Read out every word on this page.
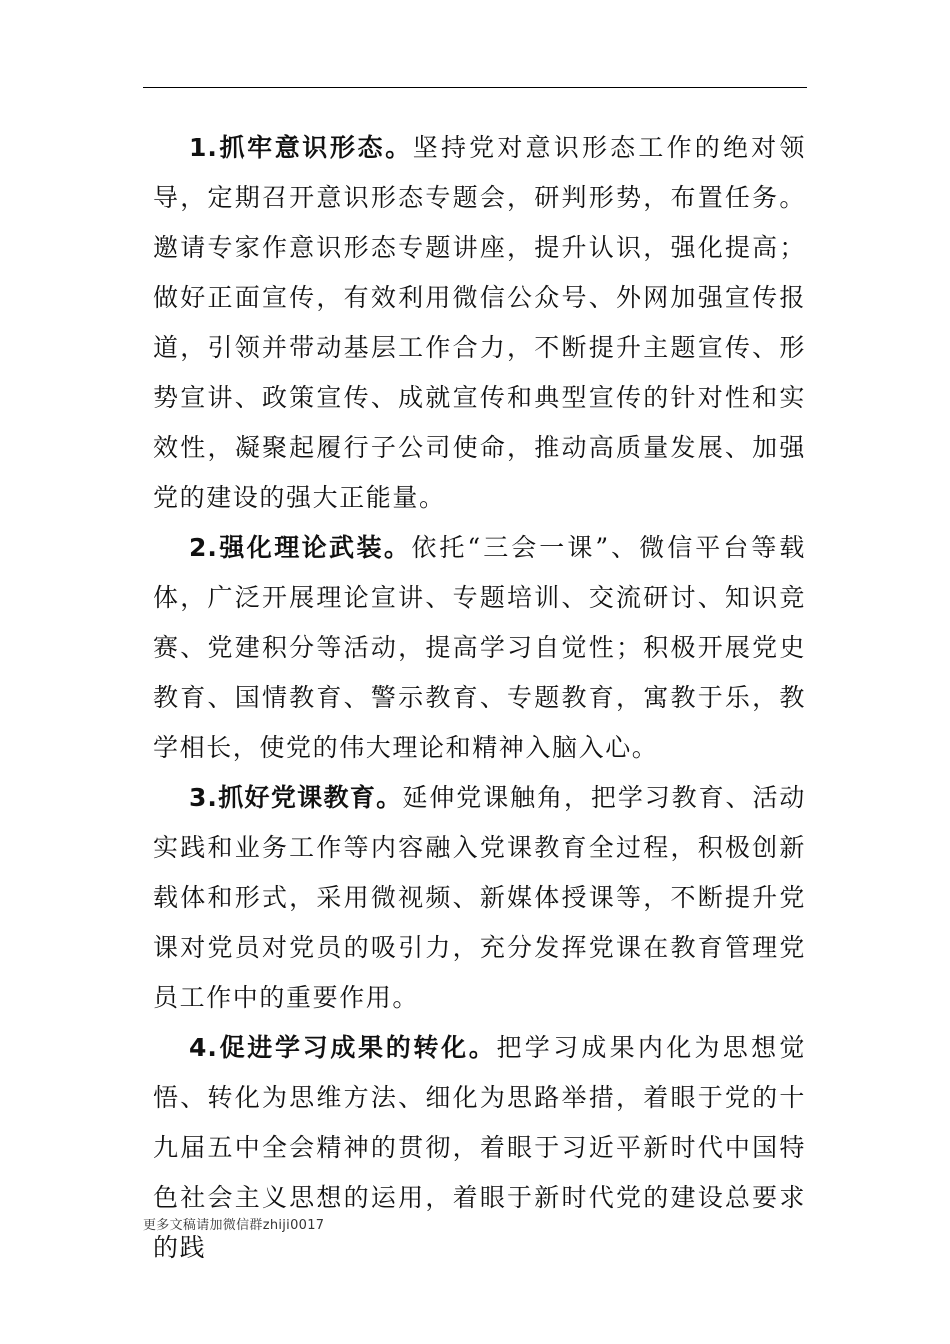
1.抓牢意识形态。坚持党对意识形态工作的绝对领导，定期召开意识形态专题会，研判形势，布置任务。邀请专家作意识形态专题讲座，提升认识，强化提高；做好正面宣传，有效利用微信公众号、外网加强宣传报道，引领并带动基层工作合力，不断提升主题宣传、形势宣讲、政策宣传、成就宣传和典型宣传的针对性和实效性，凝聚起履行子公司使命，推动高质量发展、加强党的建设的强大正能量。

2.强化理论武装。依托“三会一课”、微信平台等载体，广泛开展理论宣讲、专题培训、交流研讨、知识竞赛、党建积分等活动，提高学习自觉性；积极开展党史教育、国情教育、警示教育、专题教育，寓教于乐，教学相长，使党的伟大理论和精神入脑入心。

3.抓好党课教育。延伸党课触角，把学习教育、活动实践和业务工作等内容融入党课教育全过程，积极创新载体和形式，采用微视频、新媒体授课等，不断提升党课对党员对党员的吸引力，充分发挥党课在教育管理党员工作中的重要作用。

4.促进学习成果的转化。把学习成果内化为思想觉悟、转化为思维方法、细化为思路举措，着眼于党的十九届五中全会精神的贯彻，着眼于习近平新时代中国特色社会主义思想的运用，着眼于新时代党的建设总要求的践

更多文稿请加微信群zhiji0017
